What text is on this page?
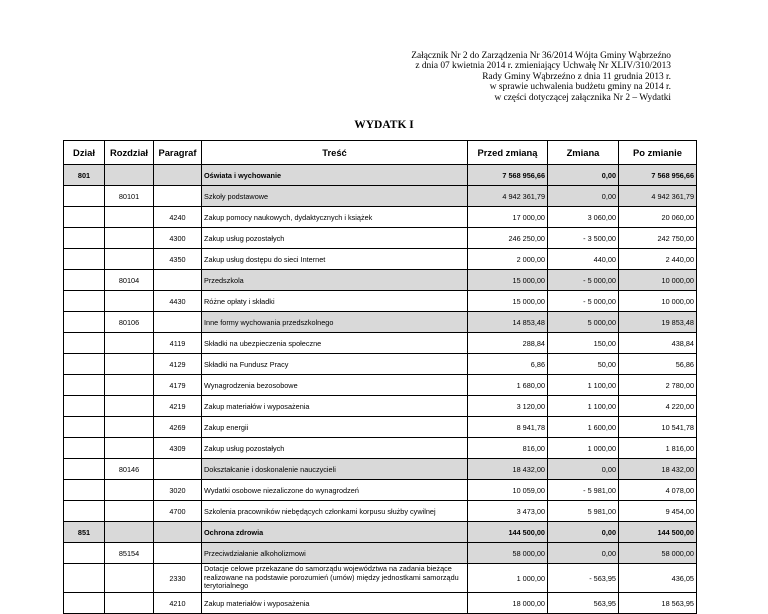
Załącznik Nr 2 do Zarządzenia Nr 36/2014 Wójta Gminy Wąbrzeźno
z dnia 07 kwietnia 2014 r. zmieniający Uchwałę Nr XLIV/310/2013
Rady Gminy Wąbrzeźno z dnia 11 grudnia 2013 r.
w sprawie uchwalenia budżetu gminy na 2014 r.
w części dotyczącej załącznika Nr 2 – Wydatki
WYDATK I
Dział	Rozdział	Paragraf	Treść	Przed zmianą	Zmiana	Po zmianie
801			Oświata i wychowanie	7 568 956,66	0,00	7 568 956,66
	80101		Szkoły podstawowe	4 942 361,79	0,00	4 942 361,79
		4240	Zakup pomocy naukowych, dydaktycznych i książek	17 000,00	3 060,00	20 060,00
		4300	Zakup usług pozostałych	246 250,00	- 3 500,00	242 750,00
		4350	Zakup usług dostępu do sieci Internet	2 000,00	440,00	2 440,00
	80104		Przedszkola	15 000,00	- 5 000,00	10 000,00
		4430	Różne opłaty i składki	15 000,00	- 5 000,00	10 000,00
	80106		Inne formy wychowania przedszkolnego	14 853,48	5 000,00	19 853,48
		4119	Składki na ubezpieczenia społeczne	288,84	150,00	438,84
		4129	Składki na Fundusz Pracy	6,86	50,00	56,86
		4179	Wynagrodzenia bezosobowe	1 680,00	1 100,00	2 780,00
		4219	Zakup materiałów i wyposażenia	3 120,00	1 100,00	4 220,00
		4269	Zakup energii	8 941,78	1 600,00	10 541,78
		4309	Zakup usług pozostałych	816,00	1 000,00	1 816,00
	80146		Dokształcanie i doskonalenie nauczycieli	18 432,00	0,00	18 432,00
		3020	Wydatki osobowe niezaliczone do wynagrodzeń	10 059,00	- 5 981,00	4 078,00
		4700	Szkolenia pracowników niebędących członkami korpusu służby cywilnej	3 473,00	5 981,00	9 454,00
851			Ochrona zdrowia	144 500,00	0,00	144 500,00
	85154		Przeciwdziałanie alkoholizmowi	58 000,00	0,00	58 000,00
		2330	Dotacje celowe przekazane do samorządu województwa na zadania bieżące realizowane na podstawie porozumień (umów) między jednostkami samorządu terytorialnego	1 000,00	- 563,95	436,05
		4210	Zakup materiałów i wyposażenia	18 000,00	563,95	18 563,95
